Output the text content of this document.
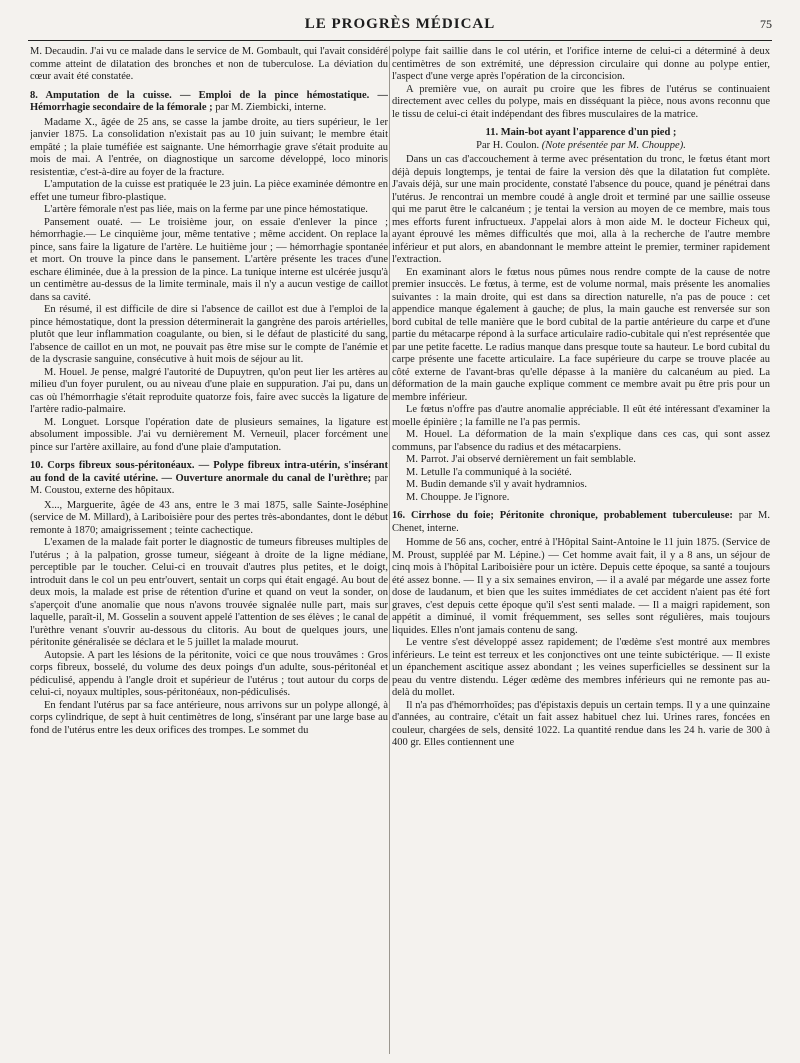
LE PROGRÈS MÉDICAL	75

M. Decaudin. J'ai vu ce malade dans le service de M. Gombault, qui l'avait considéré comme atteint de dilatation des bronches et non de tuberculose. La déviation du cœur avait été constatée.

8. Amputation de la cuisse. — Emploi de la pince hémostatique. — Hémorrhagie secondaire de la fémorale ; par M. Ziembicki, interne.

Madame X., âgée de 25 ans, se casse la jambe droite, au tiers supérieur, le 1er janvier 1875. La consolidation n'existait pas au 10 juin suivant; le membre était empâté ; la plaie tuméfiée est saignante. Une hémorrhagie grave s'était produite au mois de mai. A l'entrée, on diagnostique un sarcome développé, loco minoris resistentiæ, c'est-à-dire au foyer de la fracture.

L'amputation de la cuisse est pratiquée le 23 juin. La pièce examinée démontre en effet une tumeur fibro-plastique.

L'artère fémorale n'est pas liée, mais on la ferme par une pince hémostatique.

Pansement ouaté. — Le troisième jour, on essaie d'enlever la pince ; hémorrhagie.— Le cinquième jour, même tentative ; même accident. On replace la pince, sans faire la ligature de l'artère. Le huitième jour ; — hémorrhagie spontanée et mort. On trouve la pince dans le pansement. L'artère présente les traces d'une eschare éliminée, due à la pression de la pince. La tunique interne est ulcérée jusqu'à un centimètre au-dessus de la limite terminale, mais il n'y a aucun vestige de caillot dans sa cavité.

En résumé, il est difficile de dire si l'absence de caillot est due à l'emploi de la pince hémostatique, dont la pression déterminerait la gangrène des parois artérielles, plutôt que leur inflammation coagulante, ou bien, si le défaut de plasticité du sang, l'absence de caillot en un mot, ne pouvait pas être mise sur le compte de l'anémie et de la dyscrasie sanguine, consécutive à huit mois de séjour au lit.

M. Houel. Je pense, malgré l'autorité de Dupuytren, qu'on peut lier les artères au milieu d'un foyer purulent, ou au niveau d'une plaie en suppuration. J'ai pu, dans un cas où l'hémorrhagie s'était reproduite quatorze fois, faire avec succès la ligature de l'artère radio-palmaire.

M. Longuet. Lorsque l'opération date de plusieurs semaines, la ligature est absolument impossible. J'ai vu dernièrement M. Verneuil, placer forcément une pince sur l'artère axillaire, au fond d'une plaie d'amputation.

10. Corps fibreux sous-péritonéaux. — Polype fibreux intra-utérin, s'insérant au fond de la cavité utérine. — Ouverture anormale du canal de l'urèthre; par M. Coustou, externe des hôpitaux.

X..., Marguerite, âgée de 43 ans, entre le 3 mai 1875, salle Sainte-Joséphine (service de M. Millard), à Lariboisière pour des pertes très-abondantes, dont le début remonte à 1870; amaigrissement ; teinte cachectique.

L'examen de la malade fait porter le diagnostic de tumeurs fibreuses multiples de l'utérus ; à la palpation, grosse tumeur, siégeant à droite de la ligne médiane, perceptible par le toucher. Celui-ci en trouvait d'autres plus petites, et le doigt, introduit dans le col un peu entr'ouvert, sentait un corps qui était engagé. Au bout de deux mois, la malade est prise de rétention d'urine et quand on veut la sonder, on s'aperçoit d'une anomalie que nous n'avons trouvée signalée nulle part, mais sur laquelle, paraît-il, M. Gosselin a souvent appelé l'attention de ses élèves ; le canal de l'urèthre venant s'ouvrir au-dessous du clitoris. Au bout de quelques jours, une péritonite généralisée se déclara et le 5 juillet la malade mourut.

Autopsie. A part les lésions de la péritonite, voici ce que nous trouvâmes : Gros corps fibreux, bosselé, du volume des deux poings d'un adulte, sous-péritonéal et pédiculisé, appendu à l'angle droit et supérieur de l'utérus ; tout autour du corps de celui-ci, noyaux multiples, sous-péritonéaux, non-pédiculisés.

En fendant l'utérus par sa face antérieure, nous arrivons sur un polype allongé, à corps cylindrique, de sept à huit centimètres de long, s'insérant par une large base au fond de l'utérus entre les deux orifices des trompes. Le sommet du

polype fait saillie dans le col utérin, et l'orifice interne de celui-ci a déterminé à deux centimètres de son extrémité, une dépression circulaire qui donne au polype entier, l'aspect d'une verge après l'opération de la circoncision.

A première vue, on aurait pu croire que les fibres de l'utérus se continuaient directement avec celles du polype, mais en disséquant la pièce, nous avons reconnu que le tissu de celui-ci était indépendant des fibres musculaires de la matrice.

11. Main-bot ayant l'apparence d'un pied ;
Par H. Coulon. (Note présentée par M. Chouppe).

Dans un cas d'accouchement à terme avec présentation du tronc, le fœtus étant mort déjà depuis longtemps, je tentai de faire la version dès que la dilatation fut complète. J'avais déjà, sur une main procidente, constaté l'absence du pouce, quand je pénétrai dans l'utérus. Je rencontrai un membre coudé à angle droit et terminé par une saillie osseuse qui me parut être le calcanéum ; je tentai la version au moyen de ce membre, mais tous mes efforts furent infructueux. J'appelai alors à mon aide M. le docteur Ficheux qui, ayant éprouvé les mêmes difficultés que moi, alla à la recherche de l'autre membre inférieur et put alors, en abandonnant le membre atteint le premier, terminer rapidement l'extraction.

En examinant alors le fœtus nous pûmes nous rendre compte de la cause de notre premier insuccès. Le fœtus, à terme, est de volume normal, mais présente les anomalies suivantes : la main droite, qui est dans sa direction naturelle, n'a pas de pouce : cet appendice manque également à gauche; de plus, la main gauche est renversée sur son bord cubital de telle manière que le bord cubital de la partie antérieure du carpe et d'une partie du métacarpe répond à la surface articulaire radio-cubitale qui n'est représentée que par une petite facette. Le radius manque dans presque toute sa hauteur. Le bord cubital du carpe présente une facette articulaire. La face supérieure du carpe se trouve placée au côté externe de l'avant-bras qu'elle dépasse à la manière du calcanéum au pied. La déformation de la main gauche explique comment ce membre avait pu être pris pour un membre inférieur.

Le fœtus n'offre pas d'autre anomalie appréciable. Il eût été intéressant d'examiner la moelle épinière ; la famille ne l'a pas permis.

M. Houel. La déformation de la main s'explique dans ces cas, qui sont assez communs, par l'absence du radius et des métacarpiens.

M. Parrot. J'ai observé dernièrement un fait semblable.

M. Letulle l'a communiqué à la société.

M. Budin demande s'il y avait hydramnios.

M. Chouppe. Je l'ignore.

16. Cirrhose du foie; Péritonite chronique, probablement tuberculeuse: par M. Chenet, interne.

Homme de 56 ans, cocher, entré à l'Hôpital Saint-Antoine le 11 juin 1875. (Service de M. Proust, suppléé par M. Lépine.) — Cet homme avait fait, il y a 8 ans, un séjour de cinq mois à l'hôpital Lariboisière pour un ictère. Depuis cette époque, sa santé a toujours été assez bonne. — Il y a six semaines environ, — il a avalé par mégarde une assez forte dose de laudanum, et bien que les suites immédiates de cet accident n'aient pas été fort graves, c'est depuis cette époque qu'il s'est senti malade. — Il a maigri rapidement, son appétit a diminué, il vomit fréquemment, ses selles sont régulières, mais toujours liquides. Elles n'ont jamais contenu de sang.

Le ventre s'est développé assez rapidement; de l'œdème s'est montré aux membres inférieurs. Le teint est terreux et les conjonctives ont une teinte subictérique. — Il existe un épanchement ascitique assez abondant ; les veines superficielles se dessinent sur la peau du ventre distendu. Léger œdème des membres inférieurs qui ne remonte pas au-delà du mollet.

Il n'a pas d'hémorrhoïdes; pas d'épistaxis depuis un certain temps. Il y a une quinzaine d'années, au contraire, c'était un fait assez habituel chez lui. Urines rares, foncées en couleur, chargées de sels, densité 1022. La quantité rendue dans les 24 h. varie de 300 à 400 gr. Elles contiennent une
